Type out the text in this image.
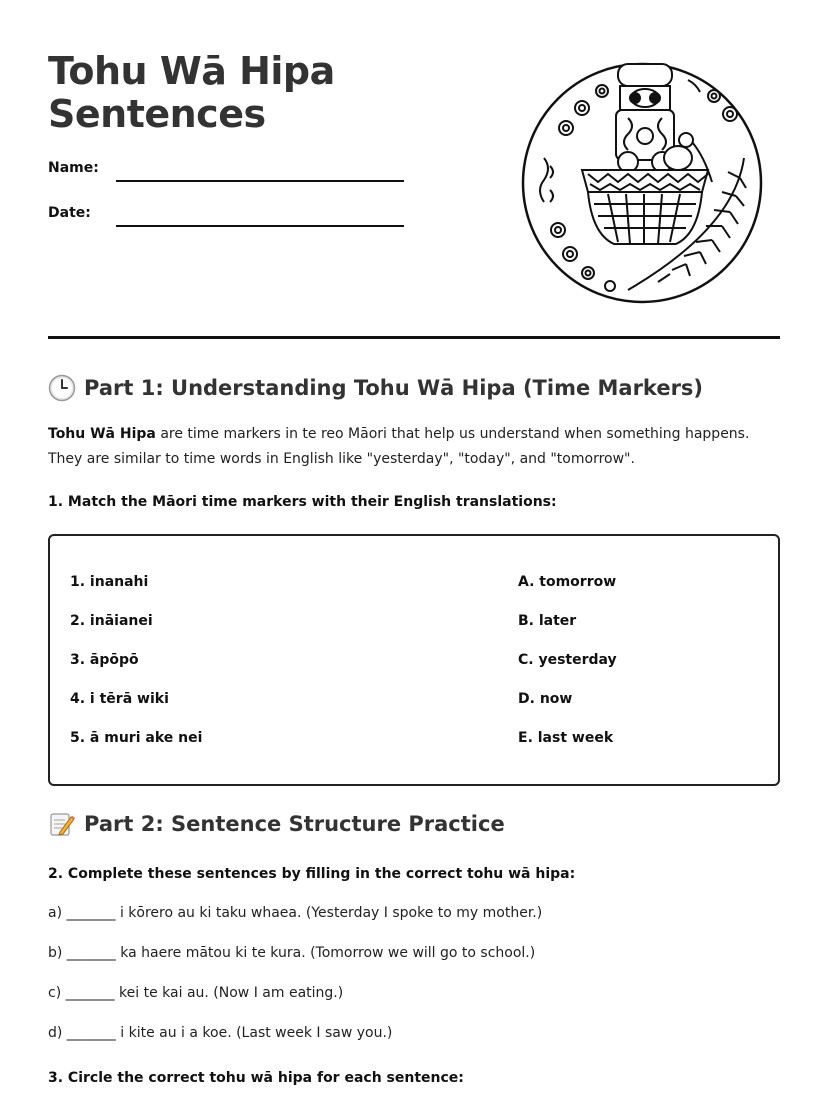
Tohu Wā Hipa
Sentences
Name:
Date:
Part 1: Understanding Tohu Wā Hipa (Time Markers)

Tohu Wā Hipa are time markers in te reo Māori that help us understand when something happens. They are similar to time words in English like "yesterday", "today", and "tomorrow".

1. Match the Māori time markers with their English translations:

1. inanahi
2. ināianei
3. āpōpō
4. i tērā wiki
5. ā muri ake nei
A. tomorrow
B. later
C. yesterday
D. now
E. last week
Part 2: Sentence Structure Practice

2. Complete these sentences by filling in the correct tohu wā hipa:

a) _______ i kōrero au ki taku whaea. (Yesterday I spoke to my mother.)
b) _______ ka haere mātou ki te kura. (Tomorrow we will go to school.)
c) _______ kei te kai au. (Now I am eating.)
d) _______ i kite au i a koe. (Last week I saw you.)

3. Circle the correct tohu wā hipa for each sentence:
